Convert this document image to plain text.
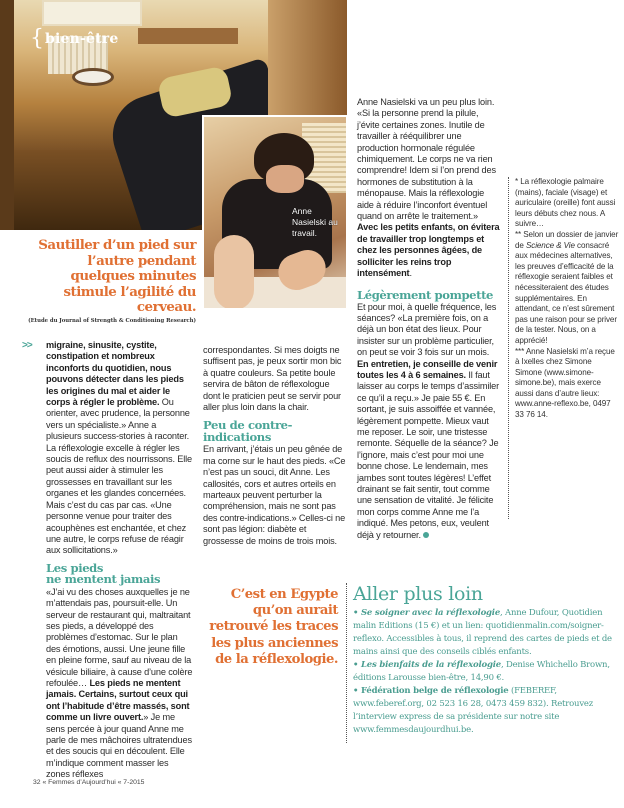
{ bien-être
Anne Nasielski au travail.
Sautiller d’un pied sur l’autre pendant quelques minutes stimule l’agilité du cerveau.
(Etude du Journal of Strength & Conditioning Research)
>> migraine, sinusite, cystite, constipation et nombreux inconforts du quotidien, nous pouvons détecter dans les pieds les origines du mal et aider le corps à régler le problème. Ou orienter, avec prudence, la personne vers un spécialiste.» Anne a plusieurs success-stories à raconter. La réflexologie excelle à régler les soucis de reflux des nourrissons. Elle peut aussi aider à stimuler les grossesses en travaillant sur les organes et les glandes concernées. Mais c’est du cas par cas. «Une personne venue pour traiter des acouphènes est enchantée, et chez une autre, le corps refuse de réagir aux sollicitations.»

Les pieds
ne mentent jamais

«J’ai vu des choses auxquelles je ne m’attendais pas, poursuit-elle. Un serveur de restaurant qui, maltraitant ses pieds, a développé des problèmes d’estomac. Sur le plan des émotions, aussi. Une jeune fille en pleine forme, sauf au niveau de la vésicule biliaire, à cause d’une colère refoulée… Les pieds ne mentent jamais. Certains, surtout ceux qui ont l’habitude d’être massés, sont comme un livre ouvert.» Je me sens percée à jour quand Anne me parle de mes mâchoires ultratendues et des soucis qui en découlent. Elle m’indique comment masser les zones réflexes

correspondantes. Si mes doigts ne suffisent pas, je peux sortir mon bic à quatre couleurs. Sa petite boule servira de bâton de réflexologue dont le praticien peut se servir pour aller plus loin dans la chair.

Peu de contre-indications

En arrivant, j’étais un peu gênée de ma corne sur le haut des pieds. «Ce n’est pas un souci, dit Anne. Les callosités, cors et autres orteils en marteaux peuvent perturber la compréhension, mais ne sont pas des contre-indications.» Celles-ci ne sont pas légion: diabète et grossesse de moins de trois mois.

Anne Nasielski va un peu plus loin. «Si la personne prend la pilule, j’évite certaines zones. Inutile de travailler à rééquilibrer une production hormonale régulée chimiquement. Le corps ne va rien comprendre! Idem si l’on prend des hormones de substitution à la ménopause. Mais la réflexologie aide à réduire l’inconfort éventuel quand on arrête le traitement.» Avec les petits enfants, on évitera de travailler trop longtemps et chez les personnes âgées, de solliciter les reins trop intensément.

Légèrement pompette

Et pour moi, à quelle fréquence, les séances? «La première fois, on a déjà un bon état des lieux. Pour insister sur un problème particulier, on peut se voir 3 fois sur un mois. En entretien, je conseille de venir toutes les 4 à 6 semaines. Il faut laisser au corps le temps d’assimiler ce qu’il a reçu.» Je paie 55 €. En sortant, je suis assoiffée et vannée, légèrement pompette. Mieux vaut me reposer. Le soir, une tristesse remonte. Séquelle de la séance? Je l’ignore, mais c’est pour moi une bonne chose. Le lendemain, mes jambes sont toutes légères! L’effet drainant se fait sentir, tout comme une sensation de vitalité. Je félicite mon corps comme Anne me l’a indiqué. Mes petons, eux, veulent déjà y retourner.

* La réflexologie palmaire (mains), faciale (visage) et auriculaire (oreille) font aussi leurs débuts chez nous. A suivre…

** Selon un dossier de janvier de Science & Vie consacré aux médecines alternatives, les preuves d’efficacité de la réflexogie seraient faibles et nécessiteraient des études supplémentaires. En attendant, ce n’est sûrement pas une raison pour se priver de la tester. Nous, on a apprécié!

*** Anne Nasielski m’a reçue à Ixelles chez Simone Simone (www.simone-simone.be), mais exerce aussi dans d’autre lieux: www.anne-reflexo.be, 0497 33 76 14.

C’est en Egypte qu’on aurait retrouvé les traces les plus anciennes de la réflexologie.
Aller plus loin

• Se soigner avec la réflexologie, Anne Dufour, Quotidien malin Editions (15 €) et un lien: quotidienmalin.com/soigner-reflexo. Accessibles à tous, il reprend des cartes de pieds et de mains ainsi que des conseils ciblés enfants.

• Les bienfaits de la réflexologie, Denise Whichello Brown, éditions Larousse bien-être, 14,90 €.

• Fédération belge de réflexologie (FEBEREF, www.feberef.org, 02 523 16 28, 0473 459 832). Retrouvez l’interview express de sa présidente sur notre site www.femmesdaujourdhui.be.

32 « Femmes d’Aujourd’hui « 7-2015
